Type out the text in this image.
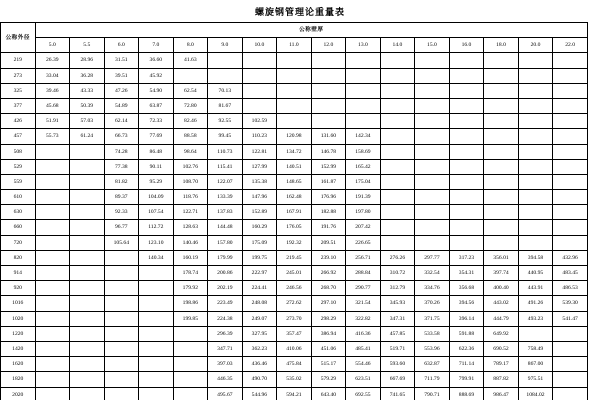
螺旋钢管理论重量表
公称外径	公称壁厚															
	5.0	5.5	6.0	7.0	8.0	9.0	10.0	11.0	12.0	13.0	14.0	15.0	16.0	18.0	20.0	22.0
219	26.39	28.96	31.51	36.60	41.63											
273	33.04	36.28	39.51	45.92												
325	39.46	43.33	47.26	54.90	62.54	70.13										
377	45.68	50.39	54.89	63.87	72.80	81.67										
426	51.91	57.03	62.14	72.33	82.46	92.55	102.59									
457	55.73	61.24	66.73	77.69	88.58	99.45	110.23	120.98	131.60	142.34						
508			74.28	86.48	98.64	110.73	122.81	134.72	146.78	158.69						
529			77.38	90.11	102.76	115.41	127.99	140.51	152.99	165.42						
559			81.82	95.29	108.70	122.07	135.38	148.65	161.87	175.04						
610			89.37	104.09	118.76	133.39	147.96	162.48	176.96	191.39						
630			92.33	107.54	122.71	137.83	152.89	167.91	182.88	197.80						
660			96.77	112.72	128.63	144.48	160.29	176.05	191.76	207.42						
720			105.64	123.10	140.46	157.80	175.09	192.32	209.51	226.65						
820				140.34	160.19	179.99	199.75	219.45	239.10	256.71	276.26	297.77	317.23	356.01	394.58	432.96
914					178.74	200.86	222.97	245.01	266.92	288.84	310.72	332.54	354.31	397.74	440.95	483.45
920					179.92	202.19	224.41	246.56	268.70	290.77	312.79	334.76	356.68	400.40	443.91	486.53
1016					198.86	223.49	248.08	272.62	297.10	321.54	345.93	370.26	394.56	443.02	491.26	539.30
1020					199.85	224.38	249.07	273.70	298.29	322.82	347.31	371.75	396.14	444.79	493.23	541.47
1220						296.39	327.95	357.47	386.94	416.36	457.85	533.58	591.88	649.92		
1420						347.71	362.23	410.06	451.06	485.41	519.71	553.96	622.36	690.52	758.49	
1620						397.03	436.46	475.84	515.17	554.46	593.60	632.87	711.14	789.17	867.00	
1820						446.35	490.70	535.02	579.29	623.51	667.69	711.79	799.91	887.82	975.51	
2020						495.67	544.96	594.21	643.40	692.55	741.65	790.71	888.69	986.47	1084.02	
